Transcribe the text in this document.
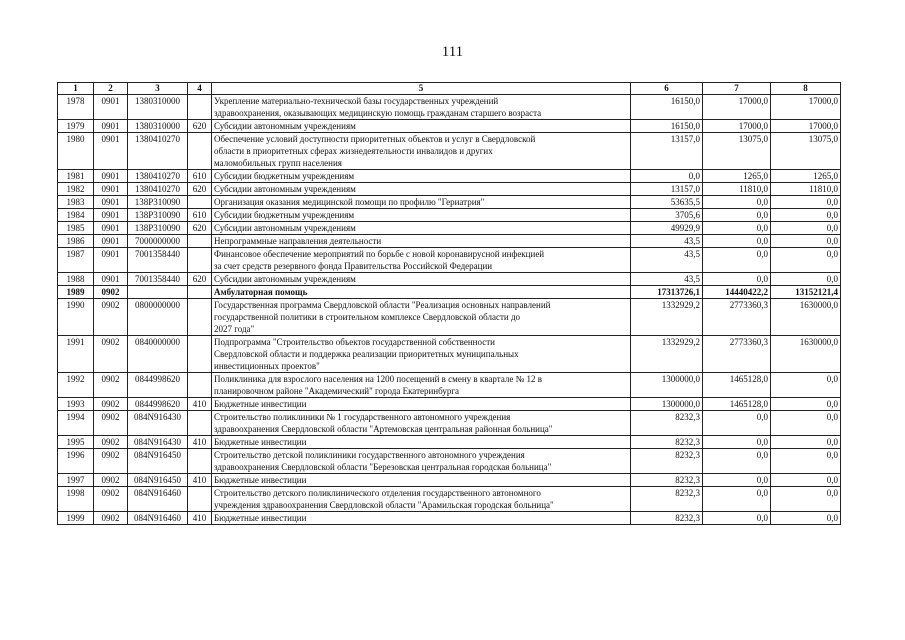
111
1	2	3	4	5	6	7	8
1978	0901	1380310000		Укрепление материально-технической базы государственных учреждений
здравоохранения, оказывающих медицинскую помощь гражданам старшего возраста	16150,0	17000,0	17000,0
1979	0901	1380310000	620	Субсидии автономным учреждениям	16150,0	17000,0	17000,0
1980	0901	1380410270		Обеспечение условий доступности приоритетных объектов и услуг в Свердловской
области в приоритетных сферах жизнедеятельности инвалидов и других
маломобильных групп населения	13157,0	13075,0	13075,0
1981	0901	1380410270	610	Субсидии бюджетным учреждениям	0,0	1265,0	1265,0
1982	0901	1380410270	620	Субсидии автономным учреждениям	13157,0	11810,0	11810,0
1983	0901	138P310090		Организация оказания медицинской помощи по профилю "Гериатрия"	53635,5	0,0	0,0
1984	0901	138P310090	610	Субсидии бюджетным учреждениям	3705,6	0,0	0,0
1985	0901	138P310090	620	Субсидии автономным учреждениям	49929,9	0,0	0,0
1986	0901	7000000000		Непрограммные направления деятельности	43,5	0,0	0,0
1987	0901	7001358440		Финансовое обеспечение мероприятий по борьбе с новой коронавирусной инфекцией
за счет средств резервного фонда Правительства Российской Федерации	43,5	0,0	0,0
1988	0901	7001358440	620	Субсидии автономным учреждениям	43,5	0,0	0,0
1989	0902			Амбулаторная помощь	17313726,1	14440422,2	13152121,4
1990	0902	0800000000		Государственная программа Свердловской области "Реализация основных направлений
государственной политики в строительном комплексе Свердловской области до
2027 года"	1332929,2	2773360,3	1630000,0
1991	0902	0840000000		Подпрограмма "Строительство объектов государственной собственности
Свердловской области и поддержка реализации приоритетных муниципальных
инвестиционных проектов"	1332929,2	2773360,3	1630000,0
1992	0902	0844998620		Поликлиника для взрослого населения на 1200 посещений в смену в квартале № 12 в
планировочном районе "Академический" города Екатеринбурга	1300000,0	1465128,0	0,0
1993	0902	0844998620	410	Бюджетные инвестиции	1300000,0	1465128,0	0,0
1994	0902	084N916430		Строительство поликлиники № 1 государственного автономного учреждения
здравоохранения Свердловской области "Артемовская центральная районная больница"	8232,3	0,0	0,0
1995	0902	084N916430	410	Бюджетные инвестиции	8232,3	0,0	0,0
1996	0902	084N916450		Строительство детской поликлиники государственного автономного учреждения
здравоохранения Свердловской области "Березовская центральная городская больница"	8232,3	0,0	0,0
1997	0902	084N916450	410	Бюджетные инвестиции	8232,3	0,0	0,0
1998	0902	084N916460		Строительство детского поликлинического отделения государственного автономного
учреждения здравоохранения Свердловской области "Арамильская городская больница"	8232,3	0,0	0,0
1999	0902	084N916460	410	Бюджетные инвестиции	8232,3	0,0	0,0
